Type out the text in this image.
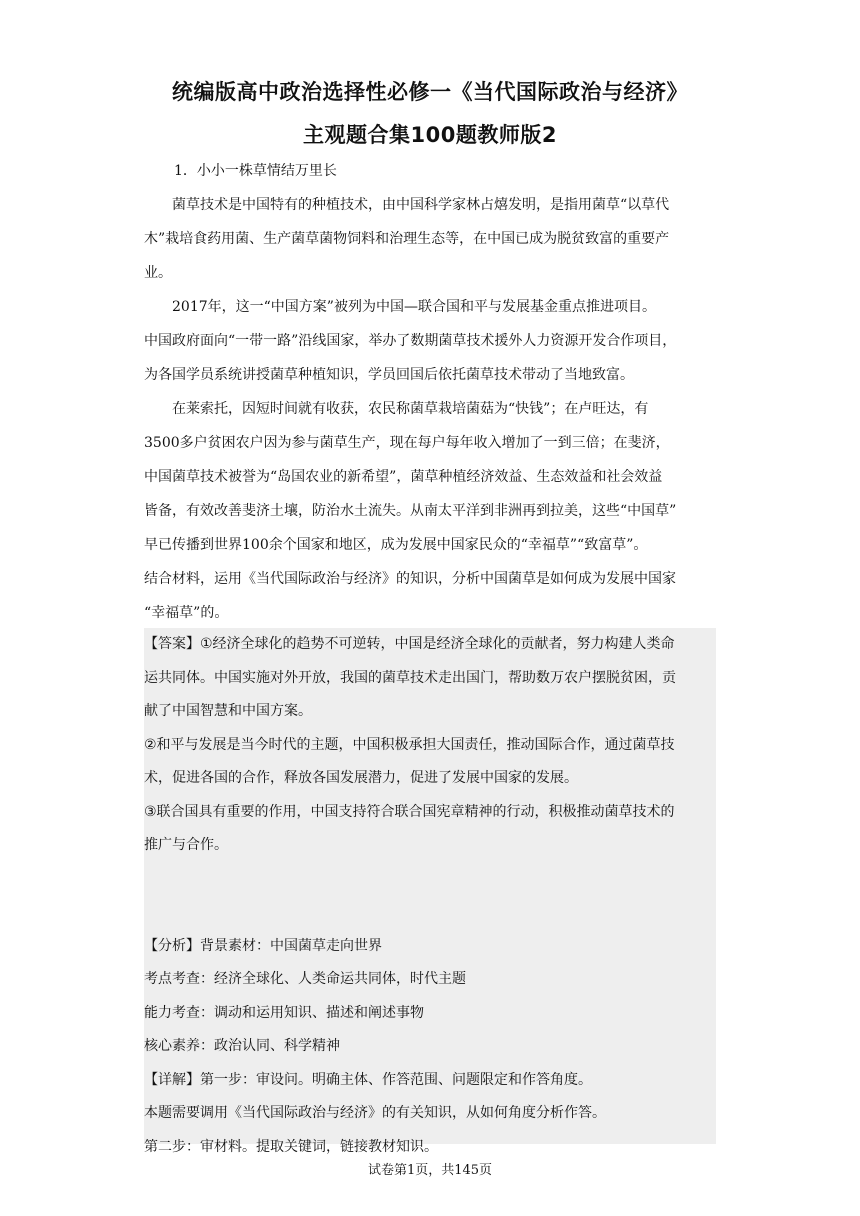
统编版高中政治选择性必修一《当代国际政治与经济》
主观题合集100题教师版2
1．小小一株草情结万里长
菌草技术是中国特有的种植技术，由中国科学家林占熺发明，是指用菌草“以草代
木”栽培食药用菌、生产菌草菌物饲料和治理生态等，在中国已成为脱贫致富的重要产
业。
2017年，这一“中国方案”被列为中国—联合国和平与发展基金重点推进项目。
中国政府面向“一带一路”沿线国家，举办了数期菌草技术援外人力资源开发合作项目，
为各国学员系统讲授菌草种植知识，学员回国后依托菌草技术带动了当地致富。
在莱索托，因短时间就有收获，农民称菌草栽培菌菇为“快钱”；在卢旺达，有
3500多户贫困农户因为参与菌草生产，现在每户每年收入增加了一到三倍；在斐济，
中国菌草技术被誉为“岛国农业的新希望”，菌草种植经济效益、生态效益和社会效益
皆备，有效改善斐济土壤，防治水土流失。从南太平洋到非洲再到拉美，这些“中国草”
早已传播到世界100余个国家和地区，成为发展中国家民众的“幸福草”“致富草”。
结合材料，运用《当代国际政治与经济》的知识，分析中国菌草是如何成为发展中国家
“幸福草”的。
【答案】①经济全球化的趋势不可逆转，中国是经济全球化的贡献者，努力构建人类命
运共同体。中国实施对外开放，我国的菌草技术走出国门，帮助数万农户摆脱贫困，贡
献了中国智慧和中国方案。
②和平与发展是当今时代的主题，中国积极承担大国责任，推动国际合作，通过菌草技
术，促进各国的合作，释放各国发展潜力，促进了发展中国家的发展。
③联合国具有重要的作用，中国支持符合联合国宪章精神的行动，积极推动菌草技术的
推广与合作。
【分析】背景素材：中国菌草走向世界
考点考查：经济全球化、人类命运共同体，时代主题
能力考查：调动和运用知识、描述和阐述事物
核心素养：政治认同、科学精神
【详解】第一步：审设问。明确主体、作答范围、问题限定和作答角度。
本题需要调用《当代国际政治与经济》的有关知识，从如何角度分析作答。
第二步：审材料。提取关键词，链接教材知识。
试卷第1页，共145页
